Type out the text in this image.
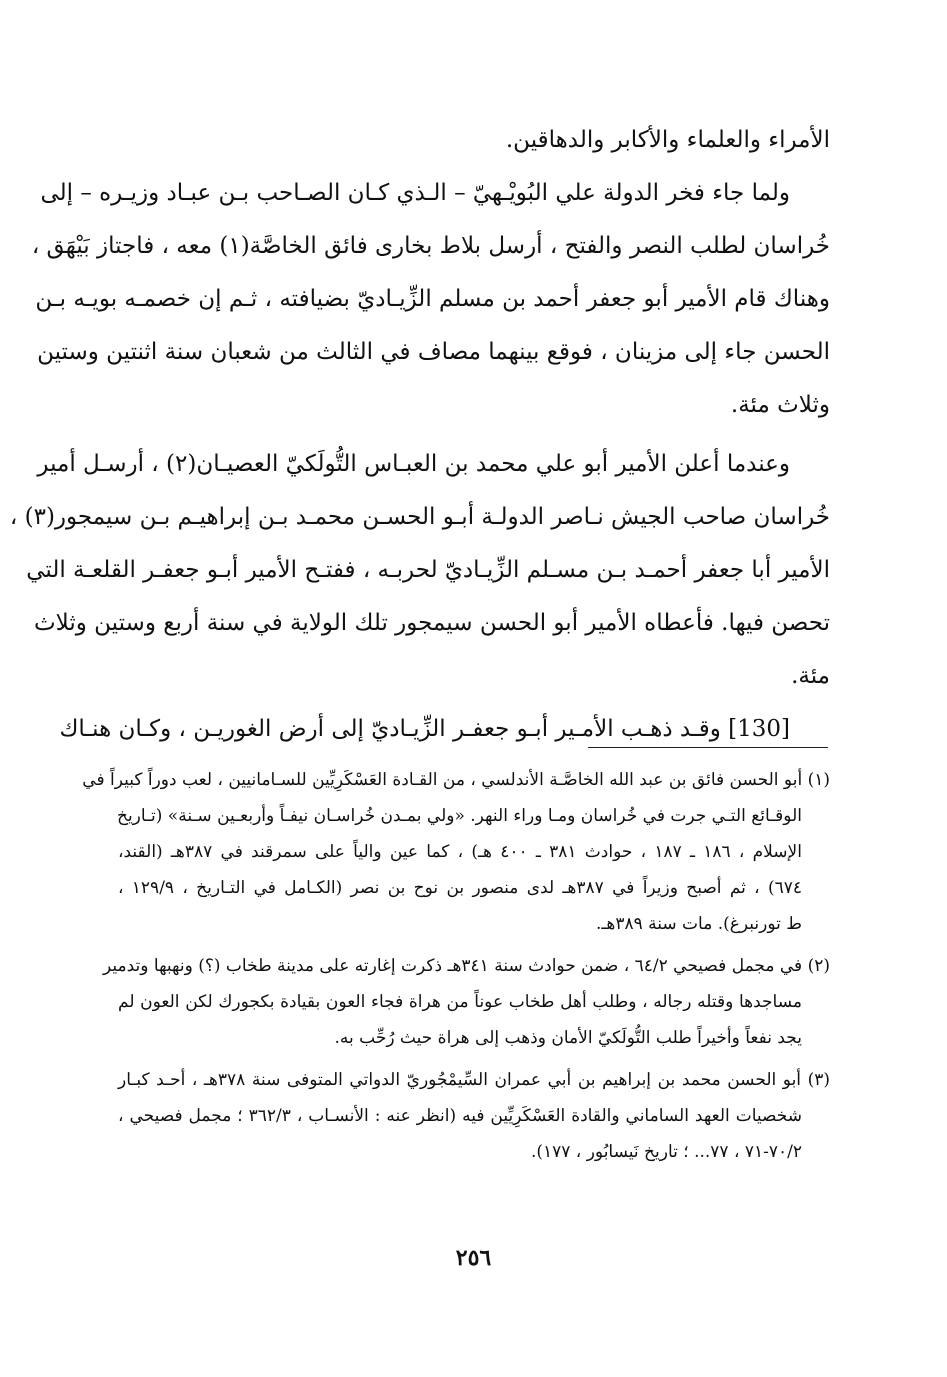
الأمراء والعلماء والأكابر والدهاقين.
ولما جاء فخر الدولة علي البُويْـهيّ – الـذي كـان الصـاحب بـن عبـاد وزيـره – إلى
خُراسان لطلب النصر والفتح ، أرسل بلاط بخارى فائق الخاصَّة(١) معه ، فاجتاز بَيْهَق ،
وهناك قام الأمير أبو جعفر أحمد بن مسلم الزِّيـاديّ بضيافته ، ثـم إن خصمـه بويـه بـن
الحسن جاء إلى مزينان ، فوقع بينهما مصاف في الثالث من شعبان سنة اثنتين وستين
وثلاث مئة.
وعندما أعلن الأمير أبو علي محمد بن العبـاس التُّولَكيّ العصيـان(٢) ، أرسـل أمير
خُراسان صاحب الجيش نـاصر الدولـة أبـو الحسـن محمـد بـن إبراهيـم بـن سيمجور(٣) ،
الأمير أبا جعفر أحمـد بـن مسـلم الزِّيـاديّ لحربـه ، ففتـح الأمير أبـو جعفـر القلعـة التي
تحصن فيها. فأعطاه الأمير أبو الحسن سيمجور تلك الولاية في سنة أربع وستين وثلاث
مئة.
[130] وقـد ذهـب الأمـير أبـو جعفـر الزِّيـاديّ إلى أرض الغوريـن ، وكـان هنـاك
(١) أبو الحسن فائق بن عبد الله الخاصَّـة الأندلسي ، من القـادة العَسْكَرِيِّين للسـامانيين ، لعب دوراً كبيراً في
الوقـائع التـي جرت في خُراسان ومـا وراء النهر. «ولي بمـدن خُراسـان نيفـاً وأربعـين سـنة» (تـاريخ
الإسلام ، ١٨٦ ـ ١٨٧ ، حوادث ٣٨١ ـ ٤٠٠ هـ) ، كما عين والياً على سمرقند في ٣٨٧هـ (القند،
٦٧٤) ، ثم أصبح وزيراً في ٣٨٧هـ لدى منصور بن نوح بن نصر (الكـامل في التـاريخ ، ١٢٩/٩ ،
ط تورنبرغ). مات سنة ٣٨٩هـ.
(٢) في مجمل فصيحي ٦٤/٢ ، ضمن حوادث سنة ٣٤١هـ ذكرت إغارته على مدينة طخاب (؟) ونهبها وتدمير
مساجدها وقتله رجاله ، وطلب أهل طخاب عوناً من هراة فجاء العون بقيادة بكجورك لكن العون لم
يجد نفعاً وأخيراً طلب التُّولَكيّ الأمان وذهب إلى هراة حيث رُحِّب به.
(٣) أبو الحسن محمد بن إبراهيم بن أبي عمران السِّيمْجُوريّ الدواتي المتوفى سنة ٣٧٨هـ ، أحـد كبـار
شخصيات العهد الساماني والقادة العَسْكَرِيِّين فيه (انظر عنه : الأنسـاب ، ٣٦٢/٣ ؛ مجمل فصيحي ،
٧٠/٢-٧١ ، ٧٧... ؛ تاريخ نَيسابُور ، ١٧٧).
٢٥٦
